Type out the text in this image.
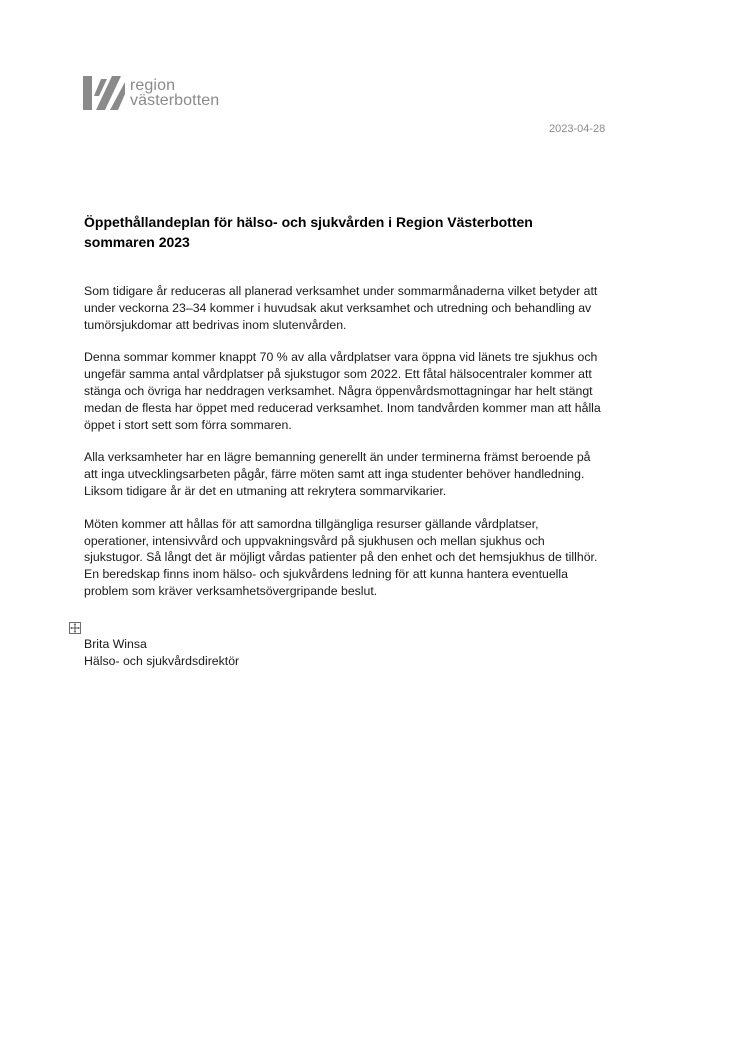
region
västerbotten
2023-04-28
Öppethållandeplan för hälso- och sjukvården i Region Västerbotten
sommaren 2023

Som tidigare år reduceras all planerad verksamhet under sommarmånaderna vilket betyder att
under veckorna 23–34 kommer i huvudsak akut verksamhet och utredning och behandling av
tumörsjukdomar att bedrivas inom slutenvården.

Denna sommar kommer knappt 70 % av alla vårdplatser vara öppna vid länets tre sjukhus och
ungefär samma antal vårdplatser på sjukstugor som 2022. Ett fåtal hälsocentraler kommer att
stänga och övriga har neddragen verksamhet. Några öppenvårdsmottagningar har helt stängt
medan de flesta har öppet med reducerad verksamhet. Inom tandvården kommer man att hålla
öppet i stort sett som förra sommaren.

Alla verksamheter har en lägre bemanning generellt än under terminerna främst beroende på
att inga utvecklingsarbeten pågår, färre möten samt att inga studenter behöver handledning.
Liksom tidigare år är det en utmaning att rekrytera sommarvikarier.

Möten kommer att hållas för att samordna tillgängliga resurser gällande vårdplatser,
operationer, intensivvård och uppvakningsvård på sjukhusen och mellan sjukhus och
sjukstugor. Så långt det är möjligt vårdas patienter på den enhet och det hemsjukhus de tillhör.
En beredskap finns inom hälso- och sjukvårdens ledning för att kunna hantera eventuella
problem som kräver verksamhetsövergripande beslut.

Brita Winsa
Hälso- och sjukvårdsdirektör
